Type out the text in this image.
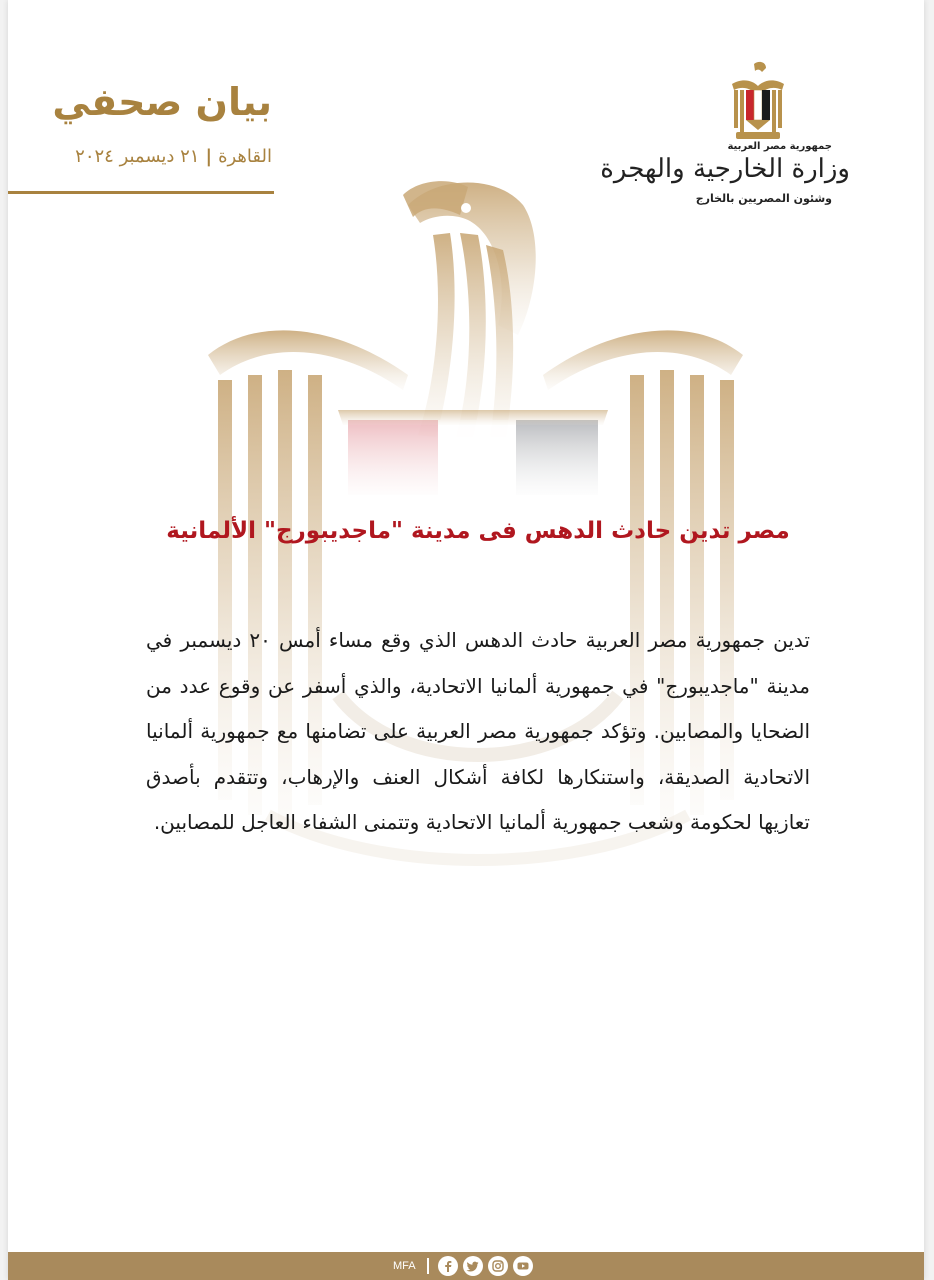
بيان صحفي
القاهرة|٢١ ديسمبر ٢٠٢٤	جمهورية مصر العربية
وزارة الخارجية والهجرة
وشئون المصريين بالخارج
مصر تدين حادث الدهس فى مدينة "ماجديبورج" الألمانية
تدين جمهورية مصر العربية حادث الدهس الذي وقع مساء أمس ٢٠ ديسمبر في مدينة "ماجديبورج" في جمهورية ألمانيا الاتحادية، والذي أسفر عن وقوع عدد من الضحايا والمصابين. وتؤكد جمهورية مصر العربية على تضامنها مع جمهورية ألمانيا الاتحادية الصديقة، واستنكارها لكافة أشكال العنف والإرهاب، وتتقدم بأصدق تعازيها لحكومة وشعب جمهورية ألمانيا الاتحادية وتتمنى الشفاء العاجل للمصابين.
MFA
